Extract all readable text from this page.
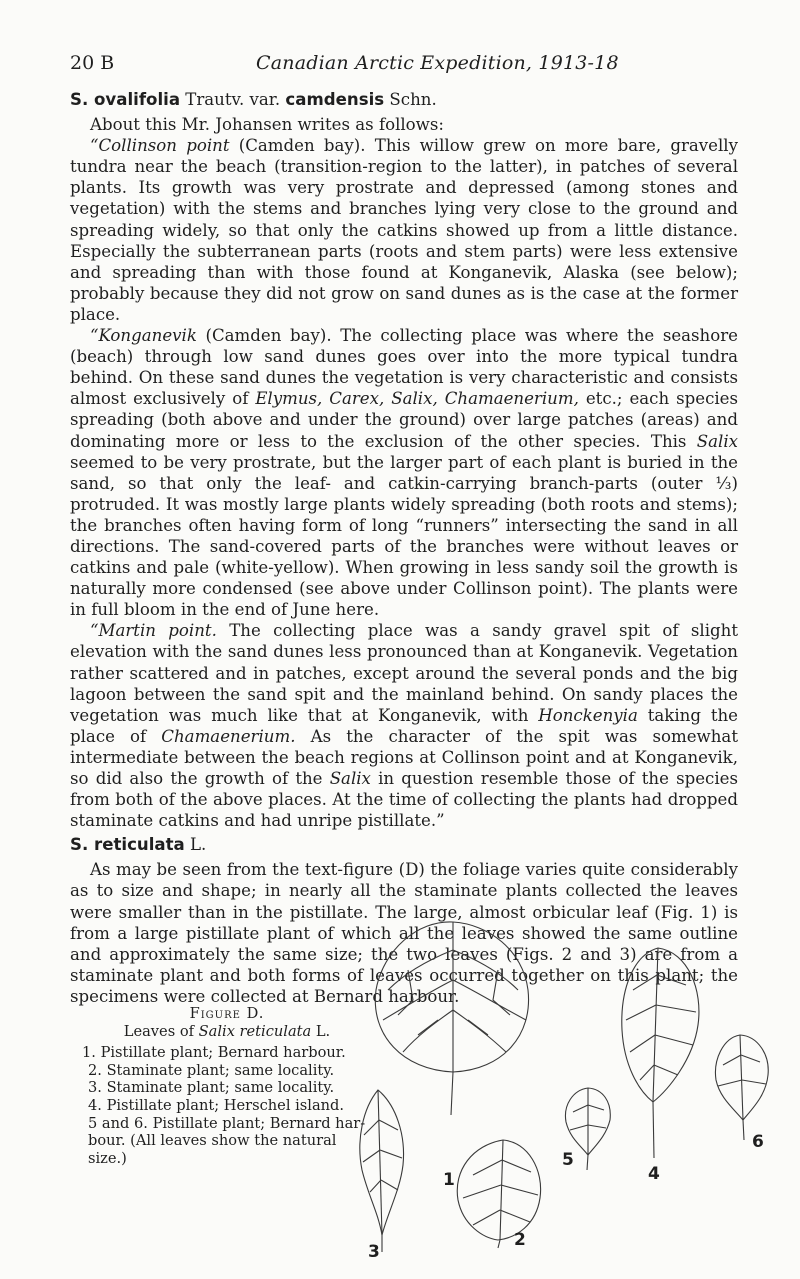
20 B	Canadian Arctic Expedition, 1913-18

S. ovalifolia Trautv. var. camdensis Schn.

About this Mr. Johansen writes as follows:

“Collinson point (Camden bay). This willow grew on more bare, gravelly tundra near the beach (transition-region to the latter), in patches of several plants. Its growth was very prostrate and depressed (among stones and vegetation) with the stems and branches lying very close to the ground and spreading widely, so that only the catkins showed up from a little distance. Especially the subterranean parts (roots and stem parts) were less extensive and spreading than with those found at Konganevik, Alaska (see below); probably because they did not grow on sand dunes as is the case at the former place.

“Konganevik (Camden bay). The collecting place was where the seashore (beach) through low sand dunes goes over into the more typical tundra behind. On these sand dunes the vegetation is very characteristic and consists almost exclusively of Elymus, Carex, Salix, Chamaenerium, etc.; each species spreading (both above and under the ground) over large patches (areas) and dominating more or less to the exclusion of the other species. This Salix seemed to be very prostrate, but the larger part of each plant is buried in the sand, so that only the leaf- and catkin-carrying branch-parts (outer ⅓) protruded. It was mostly large plants widely spreading (both roots and stems); the branches often having form of long “runners” intersecting the sand in all directions. The sand-covered parts of the branches were without leaves or catkins and pale (white-yellow). When growing in less sandy soil the growth is naturally more condensed (see above under Collinson point). The plants were in full bloom in the end of June here.

“Martin point. The collecting place was a sandy gravel spit of slight elevation with the sand dunes less pronounced than at Konganevik. Vegetation rather scattered and in patches, except around the several ponds and the big lagoon between the sand spit and the mainland behind. On sandy places the vegetation was much like that at Konganevik, with Honckenyia taking the place of Chamaenerium. As the character of the spit was somewhat intermediate between the beach regions at Collinson point and at Konganevik, so did also the growth of the Salix in question resemble those of the species from both of the above places. At the time of collecting the plants had dropped staminate catkins and had unripe pistillate.”

S. reticulata L.

As may be seen from the text-figure (D) the foliage varies quite considerably as to size and shape; in nearly all the staminate plants collected the leaves were smaller than in the pistillate. The large, almost orbicular leaf (Fig. 1) is from a large pistillate plant of which all the leaves showed the same outline and approximately the same size; the two leaves (Figs. 2 and 3) are from a staminate plant and both forms of leaves occurred together on this plant; the specimens were collected at Bernard harbour.

Figure D.
Leaves of Salix reticulata L.
1. Pistillate plant; Bernard harbour.
2. Staminate plant; same locality.
3. Staminate plant; same locality.
4. Pistillate plant; Herschel island.
5 and 6. Pistillate plant; Bernard har-
bour. (All leaves show the natural
size.)
1
2
3
4
5
6
